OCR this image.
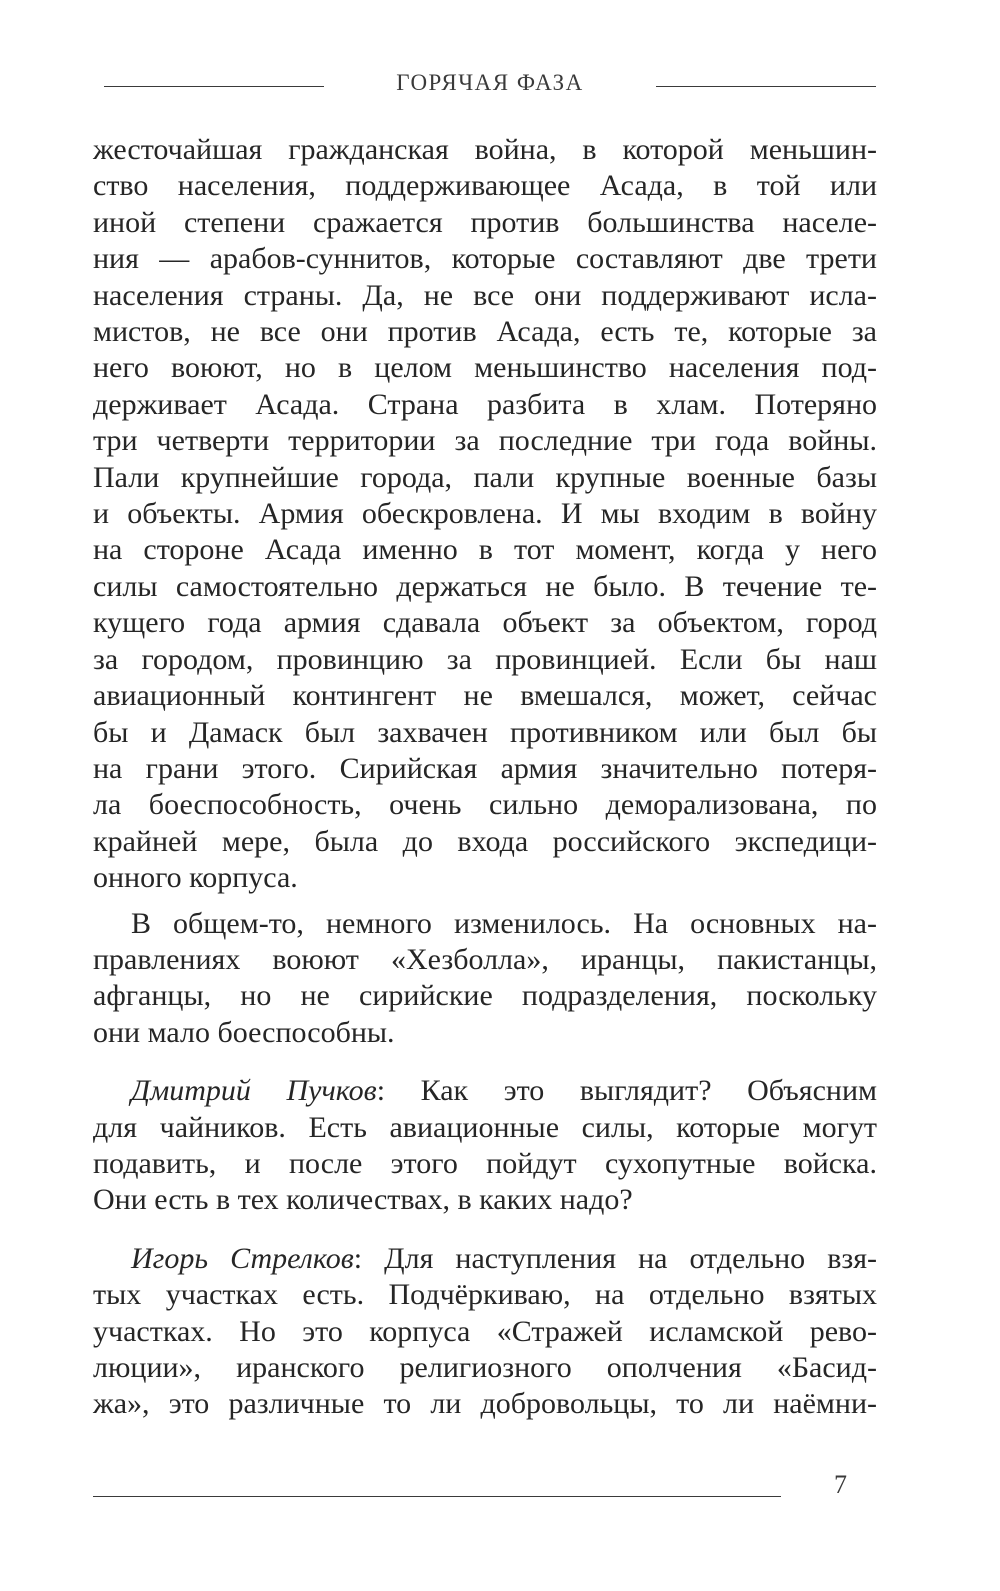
ГОРЯЧАЯ ФАЗА
жесточайшая гражданская война, в которой меньшин-
ство населения, поддерживающее Асада, в той или
иной степени сражается против большинства населе-
ния — арабов-суннитов, которые составляют две трети
населения страны. Да, не все они поддерживают исла-
мистов, не все они против Асада, есть те, которые за
него воюют, но в целом меньшинство населения под-
держивает Асада. Страна разбита в хлам. Потеряно
три четверти территории за последние три года войны.
Пали крупнейшие города, пали крупные военные базы
и объекты. Армия обескровлена. И мы входим в войну
на стороне Асада именно в тот момент, когда у него
силы самостоятельно держаться не было. В течение те-
кущего года армия сдавала объект за объектом, город
за городом, провинцию за провинцией. Если бы наш
авиационный контингент не вмешался, может, сейчас
бы и Дамаск был захвачен противником или был бы
на грани этого. Сирийская армия значительно потеря-
ла боеспособность, очень сильно деморализована, по
крайней мере, была до входа российского экспедици-
онного корпуса.
В общем-то, немного изменилось. На основных на-
правлениях воюют «Хезболла», иранцы, пакистанцы,
афганцы, но не сирийские подразделения, поскольку
они мало боеспособны.
Дмитрий Пучков: Как это выглядит? Объясним
для чайников. Есть авиационные силы, которые могут
подавить, и после этого пойдут сухопутные войска.
Они есть в тех количествах, в каких надо?
Игорь Стрелков: Для наступления на отдельно взя-
тых участках есть. Подчёркиваю, на отдельно взятых
участках. Но это корпуса «Стражей исламской рево-
люции», иранского религиозного ополчения «Басид-
жа», это различные то ли добровольцы, то ли наёмни-
7
